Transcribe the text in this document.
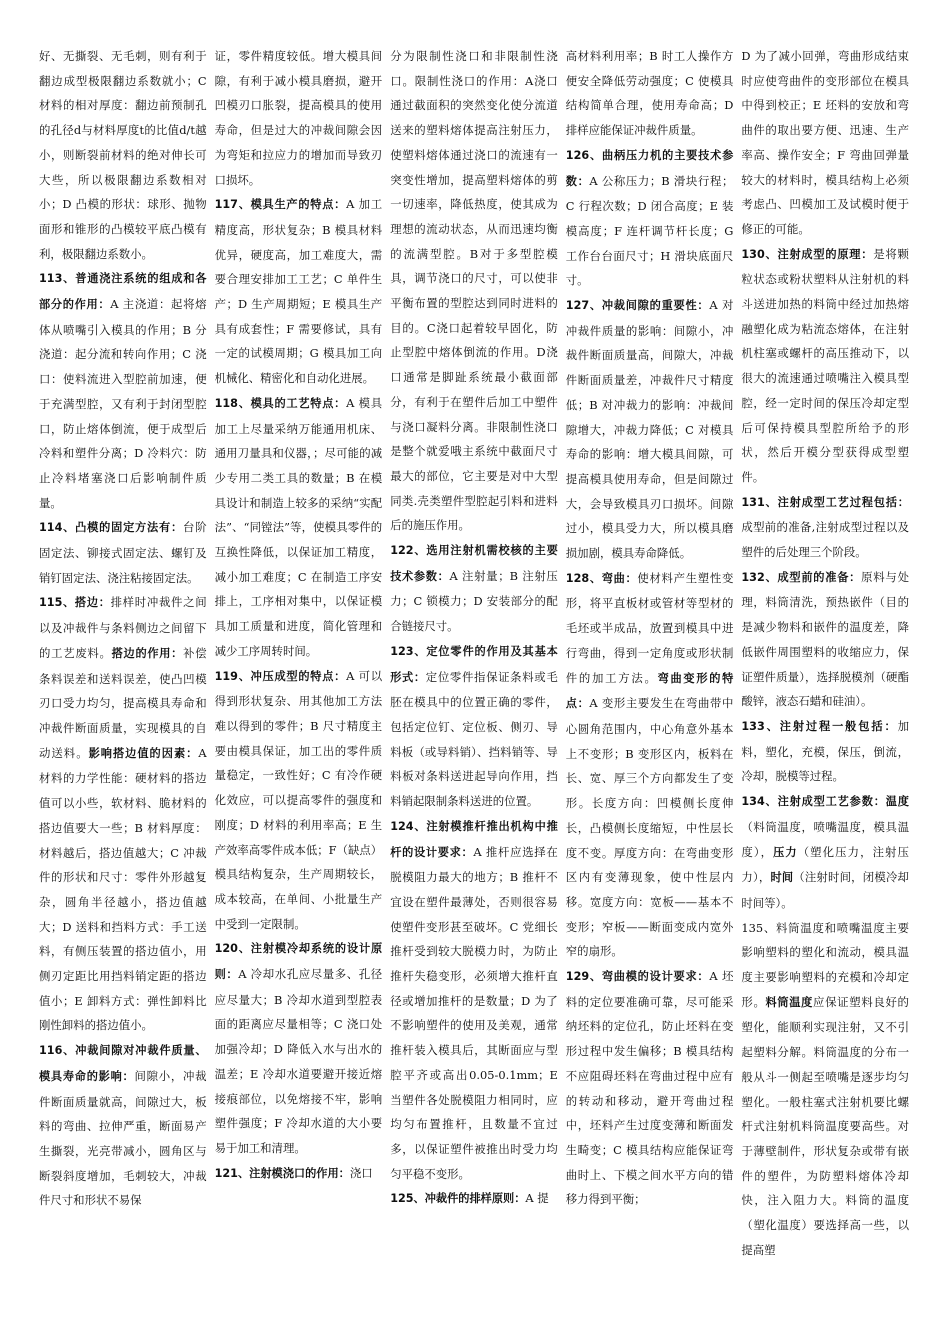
好、无撕裂、无毛刺，则有利于翻边成型极限翻边系数就小；C 材料的相对厚度：翻边前预制孔的孔径d与材料厚度t的比值d/t越小，则断裂前材料的绝对伸长可大些，所以极限翻边系数相对小；D 凸模的形状：球形、抛物面形和锥形的凸模较平底凸模有利，极限翻边系数小。

113、普通浇注系统的组成和各部分的作用：A 主浇道：起将熔体从喷嘴引入模具的作用；B 分浇道：起分流和转向作用；C 浇口：使料流进入型腔前加速，便于充满型腔，又有利于封闭型腔口，防止熔体倒流，便于成型后冷料和塑件分离；D 冷料穴：防止冷料堵塞浇口后影响制件质量。

114、凸模的固定方法有：台阶固定法、铆接式固定法、螺钉及销钉固定法、浇注粘接固定法。

115、搭边：排样时冲裁件之间以及冲裁件与条料侧边之间留下的工艺废料。搭边的作用：补偿条料误差和送料误差，使凸凹模刃口受力均匀，提高模具寿命和冲裁件断面质量，实现模具的自动送料。影响搭边值的因素：A 材料的力学性能：硬材料的搭边值可以小些，软材料、脆材料的搭边值要大一些；B 材料厚度：材料越后，搭边值越大；C 冲裁件的形状和尺寸：零件外形越复杂，圆角半径越小，搭边值越大；D 送料和挡料方式：手工送料，有侧压装置的搭边值小，用侧刃定距比用挡料销定距的搭边值小；E 卸料方式：弹性卸料比刚性卸料的搭边值小。

116、冲裁间隙对冲裁件质量、模具寿命的影响：间隙小，冲裁件断面质量就高，间隙过大，板料的弯曲、拉伸严重，断面易产生撕裂，光亮带减小，圆角区与断裂斜度增加，毛刺较大，冲裁件尺寸和形状不易保

证，零件精度较低。增大模具间隙，有利于减小模具磨损，避开凹模刃口胀裂，提高模具的使用寿命，但是过大的冲裁间隙会因为弯矩和拉应力的增加而导致刃口损坏。

117、模具生产的特点：A 加工精度高，形状复杂；B 模具材料优异，硬度高，加工难度大，需要合理安排加工工艺；C 单件生产；D 生产周期短；E 模具生产具有成套性；F 需要修试，具有一定的试模周期；G 模具加工向机械化、精密化和自动化进展。

118、模具的工艺特点：A 模具加工上尽量采纳万能通用机床、通用刀量具和仪器，；尽可能的减少专用二类工具的数量；B 在模具设计和制造上较多的采纳“实配法”、“同镗法”等，使模具零件的互换性降低，以保证加工精度，减小加工难度；C 在制造工序安排上，工序相对集中，以保证模具加工质量和进度，简化管理和减少工序周转时间。

119、冲压成型的特点：A 可以得到形状复杂、用其他加工方法难以得到的零件；B 尺寸精度主要由模具保证，加工出的零件质量稳定，一致性好；C 有冷作硬化效应，可以提高零件的强度和刚度；D 材料的利用率高；E 生产效率高零件成本低；F（缺点）模具结构复杂，生产周期较长，成本较高，在单间、小批量生产中受到一定限制。

120、注射模冷却系统的设计原则：A 冷却水孔应尽量多、孔径应尽量大；B 冷却水道到型腔表面的距离应尽量相等；C 浇口处加强冷却；D 降低入水与出水的温差；E 冷却水道要避开接近熔接痕部位，以免熔接不牢，影响塑件强度；F 冷却水道的大小要易于加工和清理。

121、注射模浇口的作用：浇口

分为限制性浇口和非限制性浇口。限制性浇口的作用：A浇口通过截面积的突然变化使分流道送来的塑料熔体提高注射压力，使塑料熔体通过浇口的流速有一突变性增加，提高塑料熔体的剪一切速率，降低热度，使其成为理想的流动状态，从而迅速均衡的流满型腔。B对于多型腔模具，调节浇口的尺寸，可以使非平衡布置的型腔达到同时进料的目的。C浇口起着较早固化，防止型腔中熔体倒流的作用。D浇口通常是脚趾系统最小截面部分，有利于在塑件后加工中塑件与浇口凝料分离。非限制性浇口是整个就爱哦主系统中截面尺寸最大的部位，它主要是对中大型同类.壳类塑件型腔起引料和进料后的施压作用。

122、选用注射机需校核的主要技术参数：A 注射量；B 注射压力；C 锁模力；D 安装部分的配合链接尺寸。

123、定位零件的作用及其基本形式：定位零件指保证条料或毛胚在模具中的位置正确的零件，包括定位钉、定位板、侧刃、导料板（或导料销）、挡料销等、导料板对条料送进起导向作用，挡料销起限制条料送进的位置。

124、注射模推杆推出机构中推杆的设计要求：A 推杆应选择在脱模阻力最大的地方；B 推杆不宜设在塑件最薄处，否则很容易使塑件变形甚至破坏。C 党细长推杆受到较大脱模力时，为防止推杆失稳变形，必须增大推杆直径或增加推杆的是数量；D 为了不影响塑件的使用及美观，通常推杆装入模具后，其断面应与型腔平齐或高出0.05-0.1mm；E 当塑件各处脱模阻力相同时，应均匀布置推杆，且数量不宜过多，以保证塑件被推出时受力均匀平稳不变形。

125、冲裁件的排样原则：A 提

高材料利用率；B 时工人操作方便安全降低劳动强度；C 使模具结构简单合理，使用寿命高；D 排样应能保证冲裁件质量。

126、曲柄压力机的主要技术参数：A 公称压力；B 滑块行程；C 行程次数；D 闭合高度；E 装模高度；F 连杆调节杆长度；G 工作台台面尺寸；H 滑块底面尺寸。

127、冲裁间隙的重要性：A 对冲裁件质量的影响：间隙小，冲裁件断面质量高，间隙大，冲裁件断面质量差，冲裁件尺寸精度低；B 对冲裁力的影响：冲裁间隙增大，冲裁力降低；C 对模具寿命的影响：增大模具间隙，可提高模具使用寿命，但是间隙过大，会导致模具刃口损坏。间隙过小，模具受力大，所以模具磨损加剧，模具寿命降低。

128、弯曲：使材料产生塑性变形，将平直板材或管材等型材的毛坯或半成品，放置到模具中进行弯曲，得到一定角度或形状制件的加工方法。弯曲变形的特点：A 变形主要发生在弯曲带中心圆角范围内，中心角意外基本上不变形；B 变形区内，板料在长、宽、厚三个方向都发生了变形。长度方向：凹模侧长度伸长，凸模侧长度缩短，中性层长度不变。厚度方向：在弯曲变形区内有变薄现象，使中性层内移。宽度方向：宽板——基本不变形；窄板——断面变成内宽外窄的扇形。

129、弯曲模的设计要求：A 坯料的定位要准确可靠，尽可能采纳坯料的定位孔，防止坯料在变形过程中发生偏移；B 模具结构不应阻碍坯料在弯曲过程中应有的转动和移动，避开弯曲过程中，坯料产生过度变薄和断面发生畸变；C 模具结构应能保证弯曲时上、下模之间水平方向的错移力得到平衡；

D 为了减小回弹，弯曲形成结束时应使弯曲件的变形部位在模具中得到校正；E 坯料的安放和弯曲件的取出要方便、迅速、生产率高、操作安全；F 弯曲回弹量较大的材料时，模具结构上必须考虑凸、凹模加工及试模时便于修正的可能。

130、注射成型的原理：是将颗粒状态或粉状塑料从注射机的料斗送进加热的料筒中经过加热熔融塑化成为粘流态熔体，在注射机柱塞或螺杆的高压推动下，以很大的流速通过喷嘴注入模具型腔，经一定时间的保压冷却定型后可保持模具型腔所给予的形状，然后开模分型获得成型塑件。

131、注射成型工艺过程包括：成型前的准备,注射成型过程以及塑件的后处理三个阶段。

132、成型前的准备：原料与处理，料筒清洗，预热嵌件（目的是减少物料和嵌件的温度差，降低嵌件周围塑料的收缩应力，保证塑件质量），选择脱模剂（硬酯酸锌，液态石蜡和硅油）。

133、注射过程一般包括：加料，塑化，充模，保压，倒流，冷却，脱模等过程。

134、注射成型工艺参数：温度（料筒温度，喷嘴温度，模具温度），压力（塑化压力，注射压力），时间（注射时间，闭模冷却时间等）。

135、料筒温度和喷嘴温度主要影响塑料的塑化和流动，模具温度主要影响塑料的充模和冷却定形。料筒温度应保证塑料良好的塑化，能顺利实现注射，又不引起塑料分解。料筒温度的分布一般从斗一侧起至喷嘴是逐步均匀塑化。一般柱塞式注射机要比螺杆式注射机料筒温度要高些。对于薄壁制件，形状复杂或带有嵌件的塑件，为防塑料熔体冷却快，注入阻力大。料筒的温度（塑化温度）要选择高一些，以提高塑
